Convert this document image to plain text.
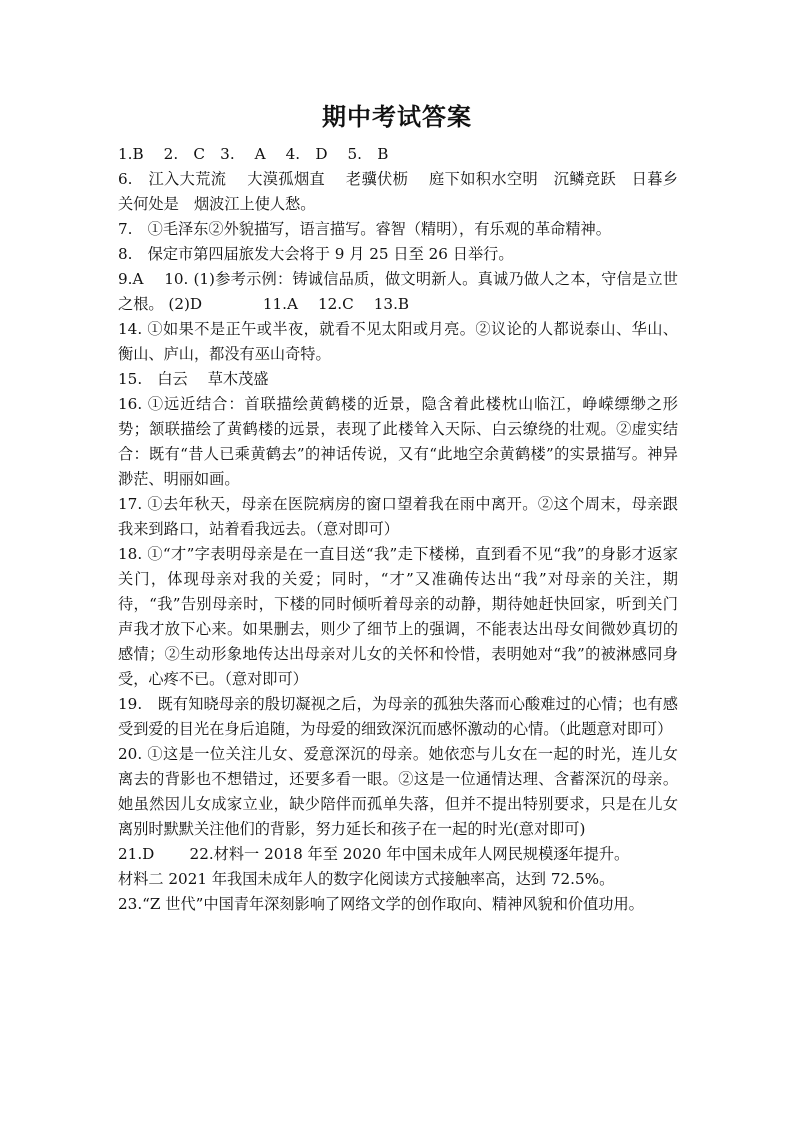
期中考试答案

1.B　 2.　C　3.　 A　 4.　D　 5.　B

6.　江入大荒流　 大漠孤烟直　 老骥伏枥　 庭下如积水空明　沉鳞竞跃　日暮乡关何处是　烟波江上使人愁。

7.　①毛泽东②外貌描写，语言描写。睿智（精明），有乐观的革命精神。

8.　保定市第四届旅发大会将于 9 月 25 日至 26 日举行。

9.A　 10. (1)参考示例：铸诚信品质，做文明新人。真诚乃做人之本，守信是立世之根。 (2)D　　　　11.A　 12.C　 13.B

14. ①如果不是正午或半夜，就看不见太阳或月亮。②议论的人都说泰山、华山、衡山、庐山，都没有巫山奇特。

15.　白云　 草木茂盛

16. ①远近结合：首联描绘黄鹤楼的近景，隐含着此楼枕山临江，峥嵘缥缈之形势；颔联描绘了黄鹤楼的远景，表现了此楼耸入天际、白云缭绕的壮观。②虚实结合：既有“昔人已乘黄鹤去”的神话传说，又有“此地空余黄鹤楼”的实景描写。神异渺茫、明丽如画。

17. ①去年秋天，母亲在医院病房的窗口望着我在雨中离开。②这个周末，母亲跟我来到路口，站着看我远去。（意对即可）

18. ①“才”字表明母亲是在一直目送“我”走下楼梯，直到看不见“我”的身影才返家关门，体现母亲对我的关爱；同时，“才”又准确传达出“我”对母亲的关注，期待，“我”告别母亲时，下楼的同时倾听着母亲的动静，期待她赶快回家，听到关门声我才放下心来。如果删去，则少了细节上的强调，不能表达出母女间微妙真切的感情；②生动形象地传达出母亲对儿女的关怀和怜惜，表明她对“我”的被淋感同身受，心疼不已。（意对即可）

19.　既有知晓母亲的殷切凝视之后，为母亲的孤独失落而心酸难过的心情；也有感受到爱的目光在身后追随，为母爱的细致深沉而感怀激动的心情。（此题意对即可）

20. ①这是一位关注儿女、爱意深沉的母亲。她依恋与儿女在一起的时光，连儿女离去的背影也不想错过，还要多看一眼。②这是一位通情达理、含蓄深沉的母亲。她虽然因儿女成家立业，缺少陪伴而孤单失落，但并不提出特别要求，只是在儿女离别时默默关注他们的背影，努力延长和孩子在一起的时光(意对即可)

21.D　　 22.材料一 2018 年至 2020 年中国未成年人网民规模逐年提升。

材料二 2021 年我国未成年人的数字化阅读方式接触率高，达到 72.5%。

23.“Z 世代”中国青年深刻影响了网络文学的创作取向、精神风貌和价值功用。
